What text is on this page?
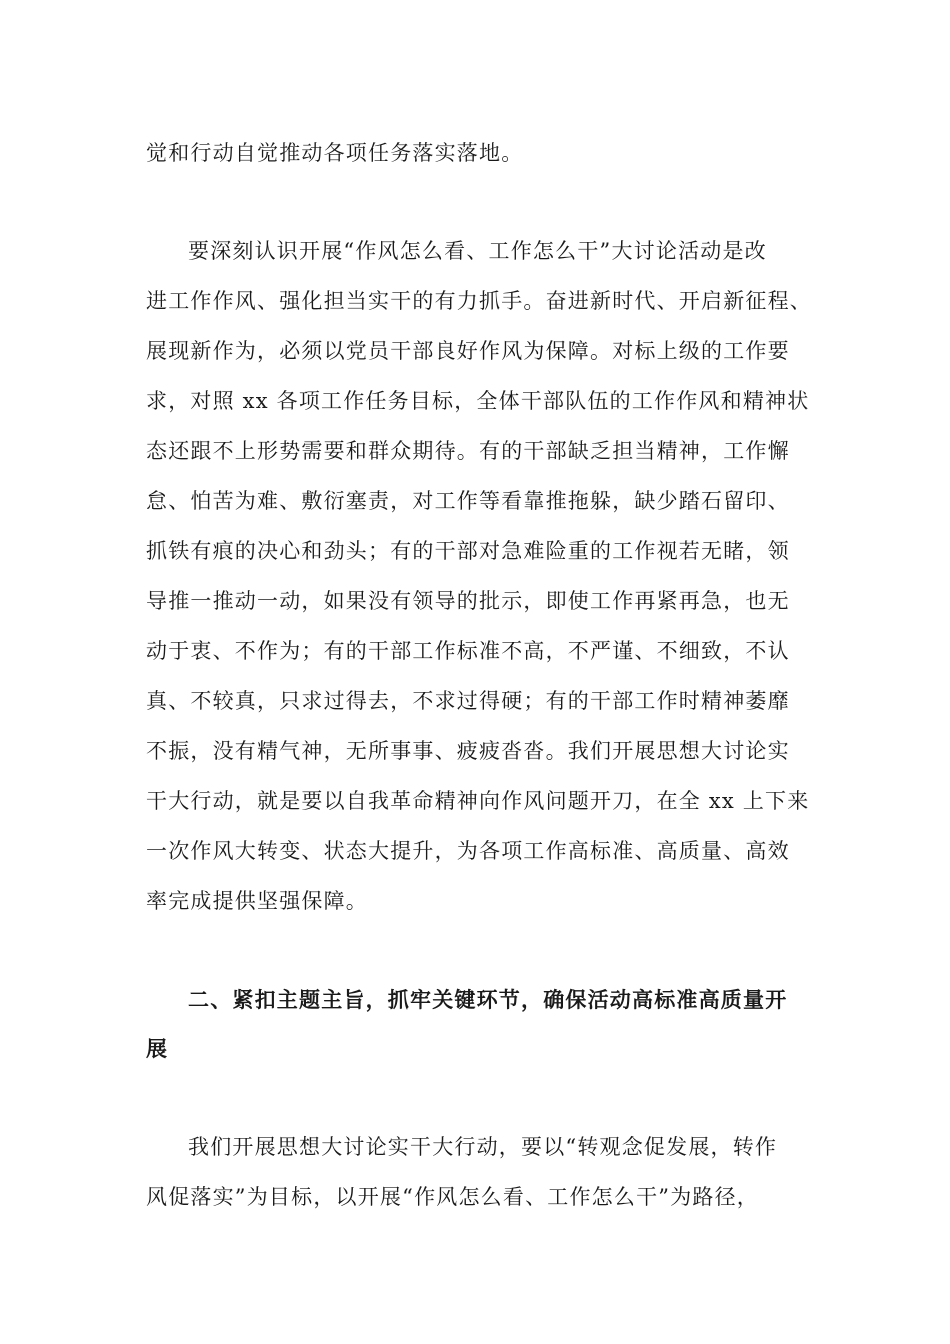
觉和行动自觉推动各项任务落实落地。
要深刻认识开展“作风怎么看、工作怎么干”大讨论活动是改
进工作作风、强化担当实干的有力抓手。奋进新时代、开启新征程、
展现新作为，必须以党员干部良好作风为保障。对标上级的工作要
求，对照 xx 各项工作任务目标，全体干部队伍的工作作风和精神状
态还跟不上形势需要和群众期待。有的干部缺乏担当精神，工作懈
怠、怕苦为难、敷衍塞责，对工作等看靠推拖躲，缺少踏石留印、
抓铁有痕的决心和劲头；有的干部对急难险重的工作视若无睹，领
导推一推动一动，如果没有领导的批示，即使工作再紧再急，也无
动于衷、不作为；有的干部工作标准不高，不严谨、不细致，不认
真、不较真，只求过得去，不求过得硬；有的干部工作时精神萎靡
不振，没有精气神，无所事事、疲疲沓沓。我们开展思想大讨论实
干大行动，就是要以自我革命精神向作风问题开刀，在全 xx 上下来
一次作风大转变、状态大提升，为各项工作高标准、高质量、高效
率完成提供坚强保障。
二、紧扣主题主旨，抓牢关键环节，确保活动高标准高质量开
展
我们开展思想大讨论实干大行动，要以“转观念促发展，转作
风促落实”为目标，以开展“作风怎么看、工作怎么干”为路径，
